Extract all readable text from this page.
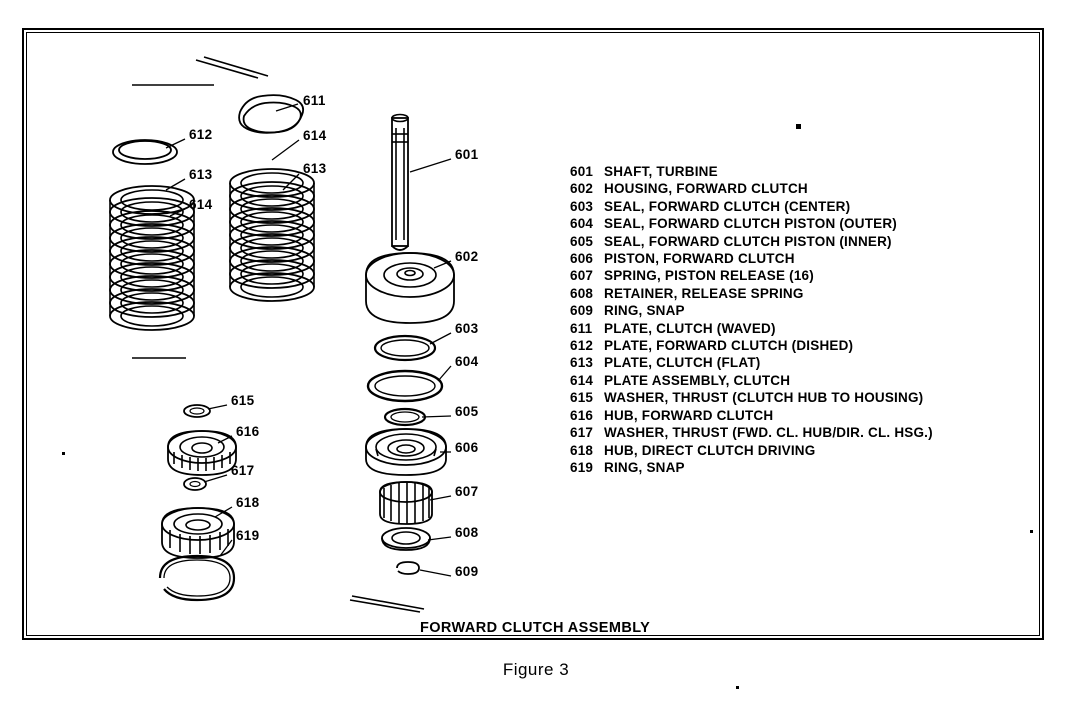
611
612	614
613	613
614
601
602
603
604
605
606
607
608
609
615
616
617
618
619
601 SHAFT, TURBINE
602 HOUSING, FORWARD CLUTCH
603 SEAL, FORWARD CLUTCH (CENTER)
604 SEAL, FORWARD CLUTCH PISTON (OUTER)
605 SEAL, FORWARD CLUTCH PISTON (INNER)
606 PISTON, FORWARD CLUTCH
607 SPRING, PISTON RELEASE (16)
608 RETAINER, RELEASE SPRING
609 RING, SNAP
611 PLATE, CLUTCH (WAVED)
612 PLATE, FORWARD CLUTCH (DISHED)
613 PLATE, CLUTCH (FLAT)
614 PLATE ASSEMBLY, CLUTCH
615 WASHER, THRUST (CLUTCH HUB TO HOUSING)
616 HUB, FORWARD CLUTCH
617 WASHER, THRUST (FWD. CL. HUB/DIR. CL. HSG.)
618 HUB, DIRECT CLUTCH DRIVING
619 RING, SNAP
FORWARD CLUTCH ASSEMBLY
Figure 3
